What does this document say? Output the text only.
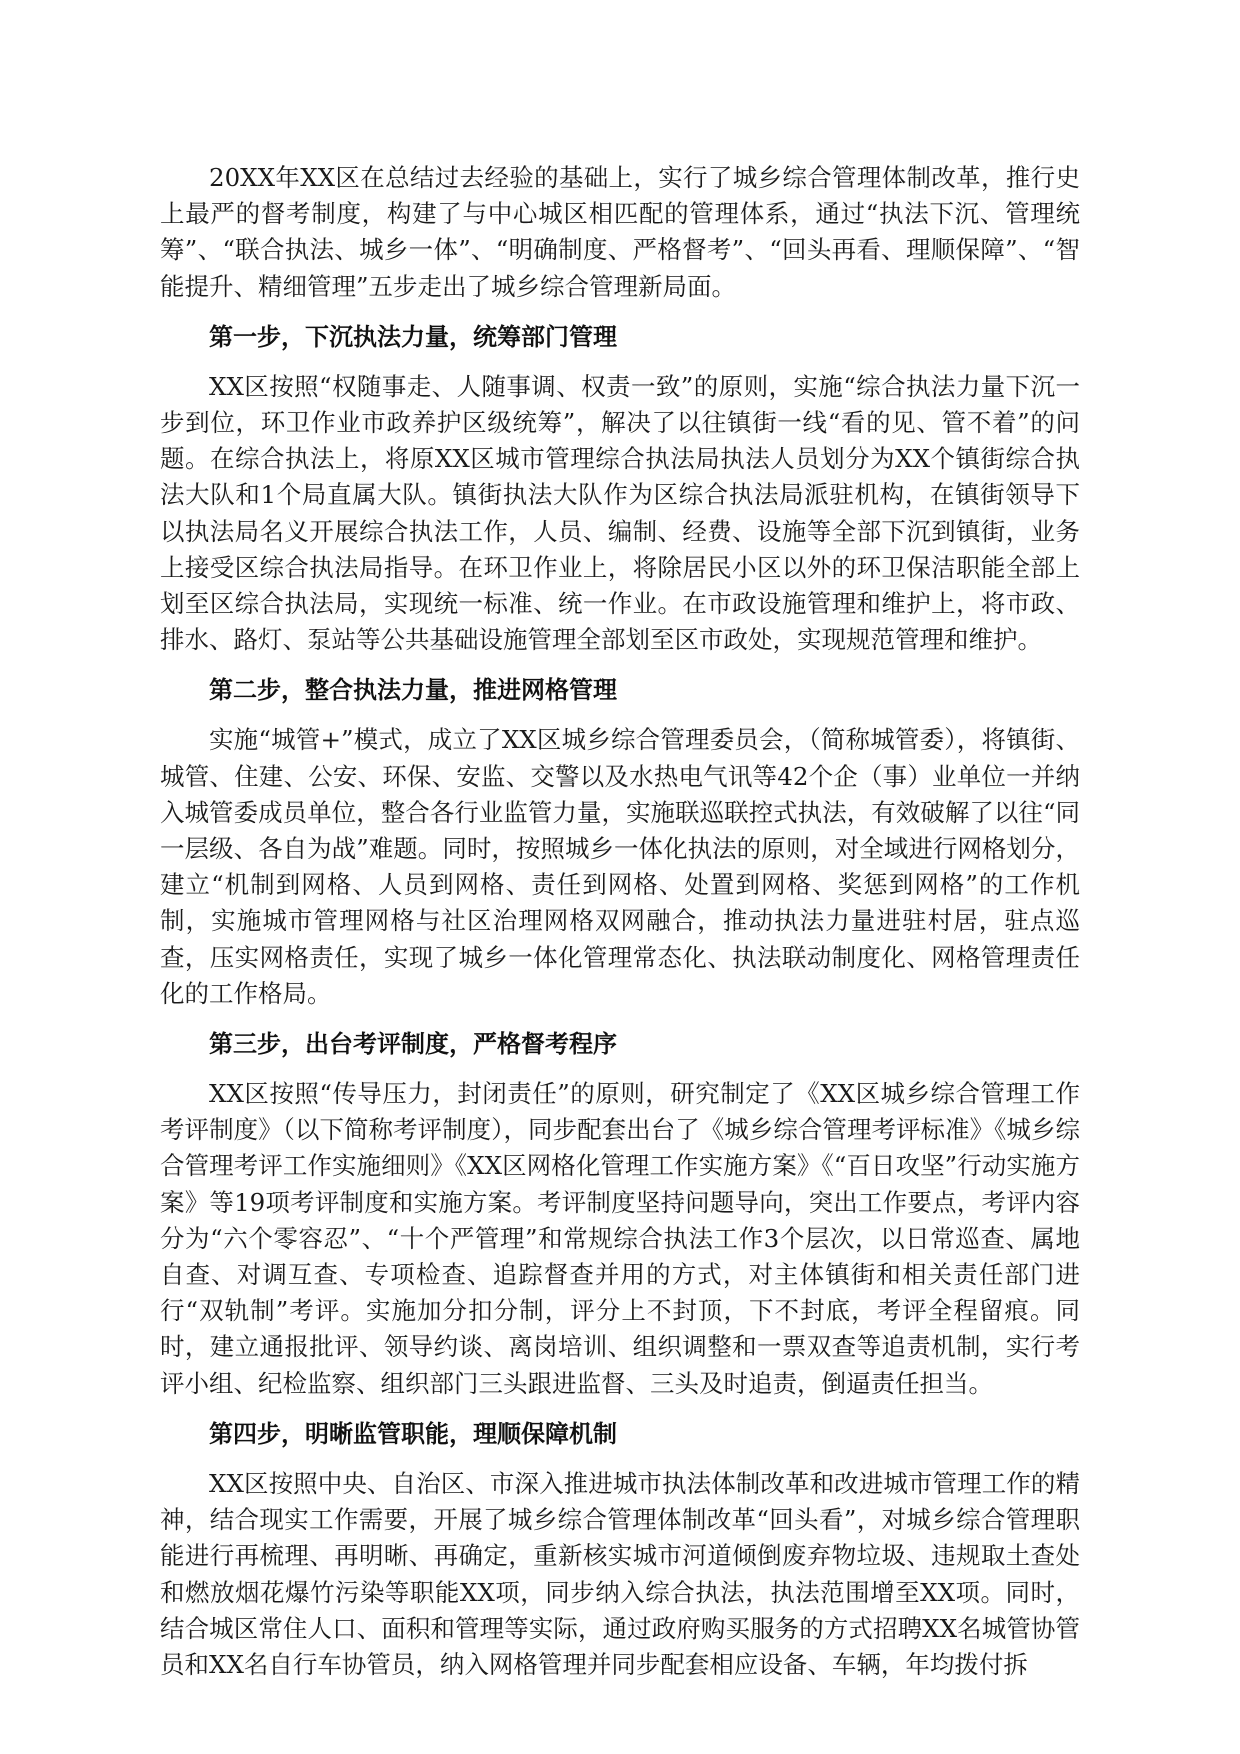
20XX年XX区在总结过去经验的基础上，实行了城乡综合管理体制改革，推行史上最严的督考制度，构建了与中心城区相匹配的管理体系，通过“执法下沉、管理统筹”、“联合执法、城乡一体”、“明确制度、严格督考”、“回头再看、理顺保障”、“智能提升、精细管理”五步走出了城乡综合管理新局面。

第一步，下沉执法力量，统筹部门管理

XX区按照“权随事走、人随事调、权责一致”的原则，实施“综合执法力量下沉一步到位，环卫作业市政养护区级统筹”，解决了以往镇街一线“看的见、管不着”的问题。在综合执法上，将原XX区城市管理综合执法局执法人员划分为XX个镇街综合执法大队和1个局直属大队。镇街执法大队作为区综合执法局派驻机构，在镇街领导下以执法局名义开展综合执法工作，人员、编制、经费、设施等全部下沉到镇街，业务上接受区综合执法局指导。在环卫作业上，将除居民小区以外的环卫保洁职能全部上划至区综合执法局，实现统一标准、统一作业。在市政设施管理和维护上，将市政、排水、路灯、泵站等公共基础设施管理全部划至区市政处，实现规范管理和维护。

第二步，整合执法力量，推进网格管理

实施“城管+”模式，成立了XX区城乡综合管理委员会，（简称城管委），将镇街、城管、住建、公安、环保、安监、交警以及水热电气讯等42个企（事）业单位一并纳入城管委成员单位，整合各行业监管力量，实施联巡联控式执法，有效破解了以往“同一层级、各自为战”难题。同时，按照城乡一体化执法的原则，对全域进行网格划分，建立“机制到网格、人员到网格、责任到网格、处置到网格、奖惩到网格”的工作机制，实施城市管理网格与社区治理网格双网融合，推动执法力量进驻村居，驻点巡查，压实网格责任，实现了城乡一体化管理常态化、执法联动制度化、网格管理责任化的工作格局。

第三步，出台考评制度，严格督考程序

XX区按照“传导压力，封闭责任”的原则，研究制定了《XX区城乡综合管理工作考评制度》（以下简称考评制度），同步配套出台了《城乡综合管理考评标准》《城乡综合管理考评工作实施细则》《XX区网格化管理工作实施方案》《“百日攻坚”行动实施方案》等19项考评制度和实施方案。考评制度坚持问题导向，突出工作要点，考评内容分为“六个零容忍”、“十个严管理”和常规综合执法工作3个层次，以日常巡查、属地自查、对调互查、专项检查、追踪督查并用的方式，对主体镇街和相关责任部门进行“双轨制”考评。实施加分扣分制，评分上不封顶，下不封底，考评全程留痕。同时，建立通报批评、领导约谈、离岗培训、组织调整和一票双查等追责机制，实行考评小组、纪检监察、组织部门三头跟进监督、三头及时追责，倒逼责任担当。

第四步，明晰监管职能，理顺保障机制

XX区按照中央、自治区、市深入推进城市执法体制改革和改进城市管理工作的精神，结合现实工作需要，开展了城乡综合管理体制改革“回头看”，对城乡综合管理职能进行再梳理、再明晰、再确定，重新核实城市河道倾倒废弃物垃圾、违规取土查处和燃放烟花爆竹污染等职能XX项，同步纳入综合执法，执法范围增至XX项。同时，结合城区常住人口、面积和管理等实际，通过政府购买服务的方式招聘XX名城管协管员和XX名自行车协管员，纳入网格管理并同步配套相应设备、车辆，年均拨付拆
